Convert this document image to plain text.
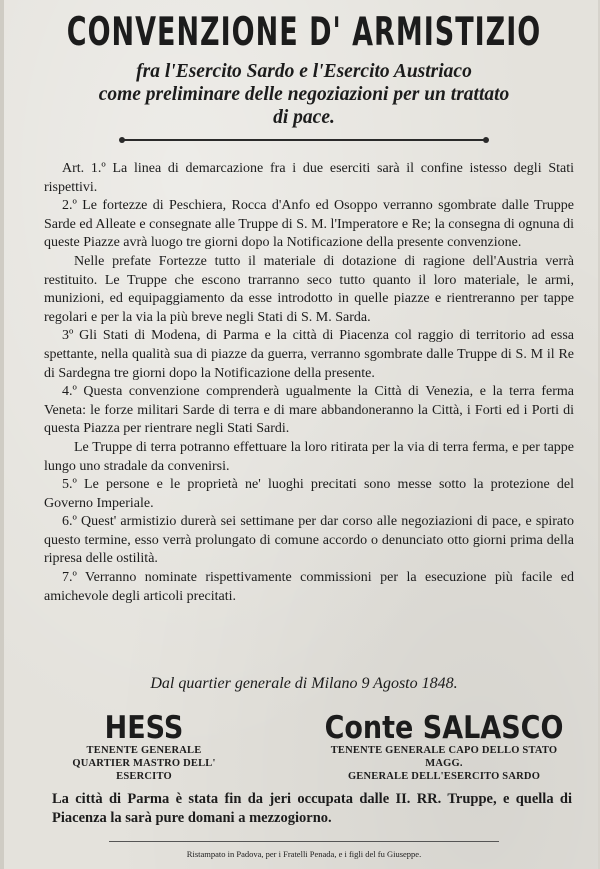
CONVENZIONE D' ARMISTIZIO
fra l'Esercito Sardo e l'Esercito Austriaco
come preliminare delle negoziazioni per un trattato
di pace.

Art. 1.º La linea di demarcazione fra i due eserciti sarà il confine istesso degli Stati rispettivi.

2.º Le fortezze di Peschiera, Rocca d'Anfo ed Osoppo verranno sgombrate dalle Truppe Sarde ed Alleate e consegnate alle Truppe di S. M. l'Imperatore e Re; la consegna di ognuna di queste Piazze avrà luogo tre giorni dopo la Notificazione della presente convenzione.

Nelle prefate Fortezze tutto il materiale di dotazione di ragione dell'Austria verrà restituito. Le Truppe che escono trarranno seco tutto quanto il loro materiale, le armi, munizioni, ed equipaggiamento da esse introdotto in quelle piazze e rientreranno per tappe regolari e per la via la più breve negli Stati di S. M. Sarda.

3º Gli Stati di Modena, di Parma e la città di Piacenza col raggio di territorio ad essa spettante, nella qualità sua di piazze da guerra, verranno sgombrate dalle Truppe di S. M il Re di Sardegna tre giorni dopo la Notificazione della presente.

4.º Questa convenzione comprenderà ugualmente la Città di Venezia, e la terra ferma Veneta: le forze militari Sarde di terra e di mare abbandoneranno la Città, i Forti ed i Porti di questa Piazza per rientrare negli Stati Sardi.

Le Truppe di terra potranno effettuare la loro ritirata per la via di terra ferma, e per tappe lungo uno stradale da convenirsi.

5.º Le persone e le proprietà ne' luoghi precitati sono messe sotto la protezione del Governo Imperiale.

6.º Quest' armistizio durerà sei settimane per dar corso alle negoziazioni di pace, e spirato questo termine, esso verrà prolungato di comune accordo o denunciato otto giorni prima della ripresa delle ostilità.

7.º Verranno nominate rispettivamente commissioni per la esecuzione più facile ed amichevole degli articoli precitati.

Dal quartier generale di Milano 9 Agosto 1848.

HESS
TENENTE GENERALE
QUARTIER MASTRO DELL' ESERCITO
Conte SALASCO
TENENTE GENERALE CAPO DELLO STATO MAGG.
GENERALE DELL'ESERCITO SARDO

La città di Parma è stata fin da jeri occupata dalle II. RR. Truppe, e quella di Piacenza la sarà pure domani a mezzogiorno.

Ristampato in Padova, per i Fratelli Penada, e i figli del fu Giuseppe.
